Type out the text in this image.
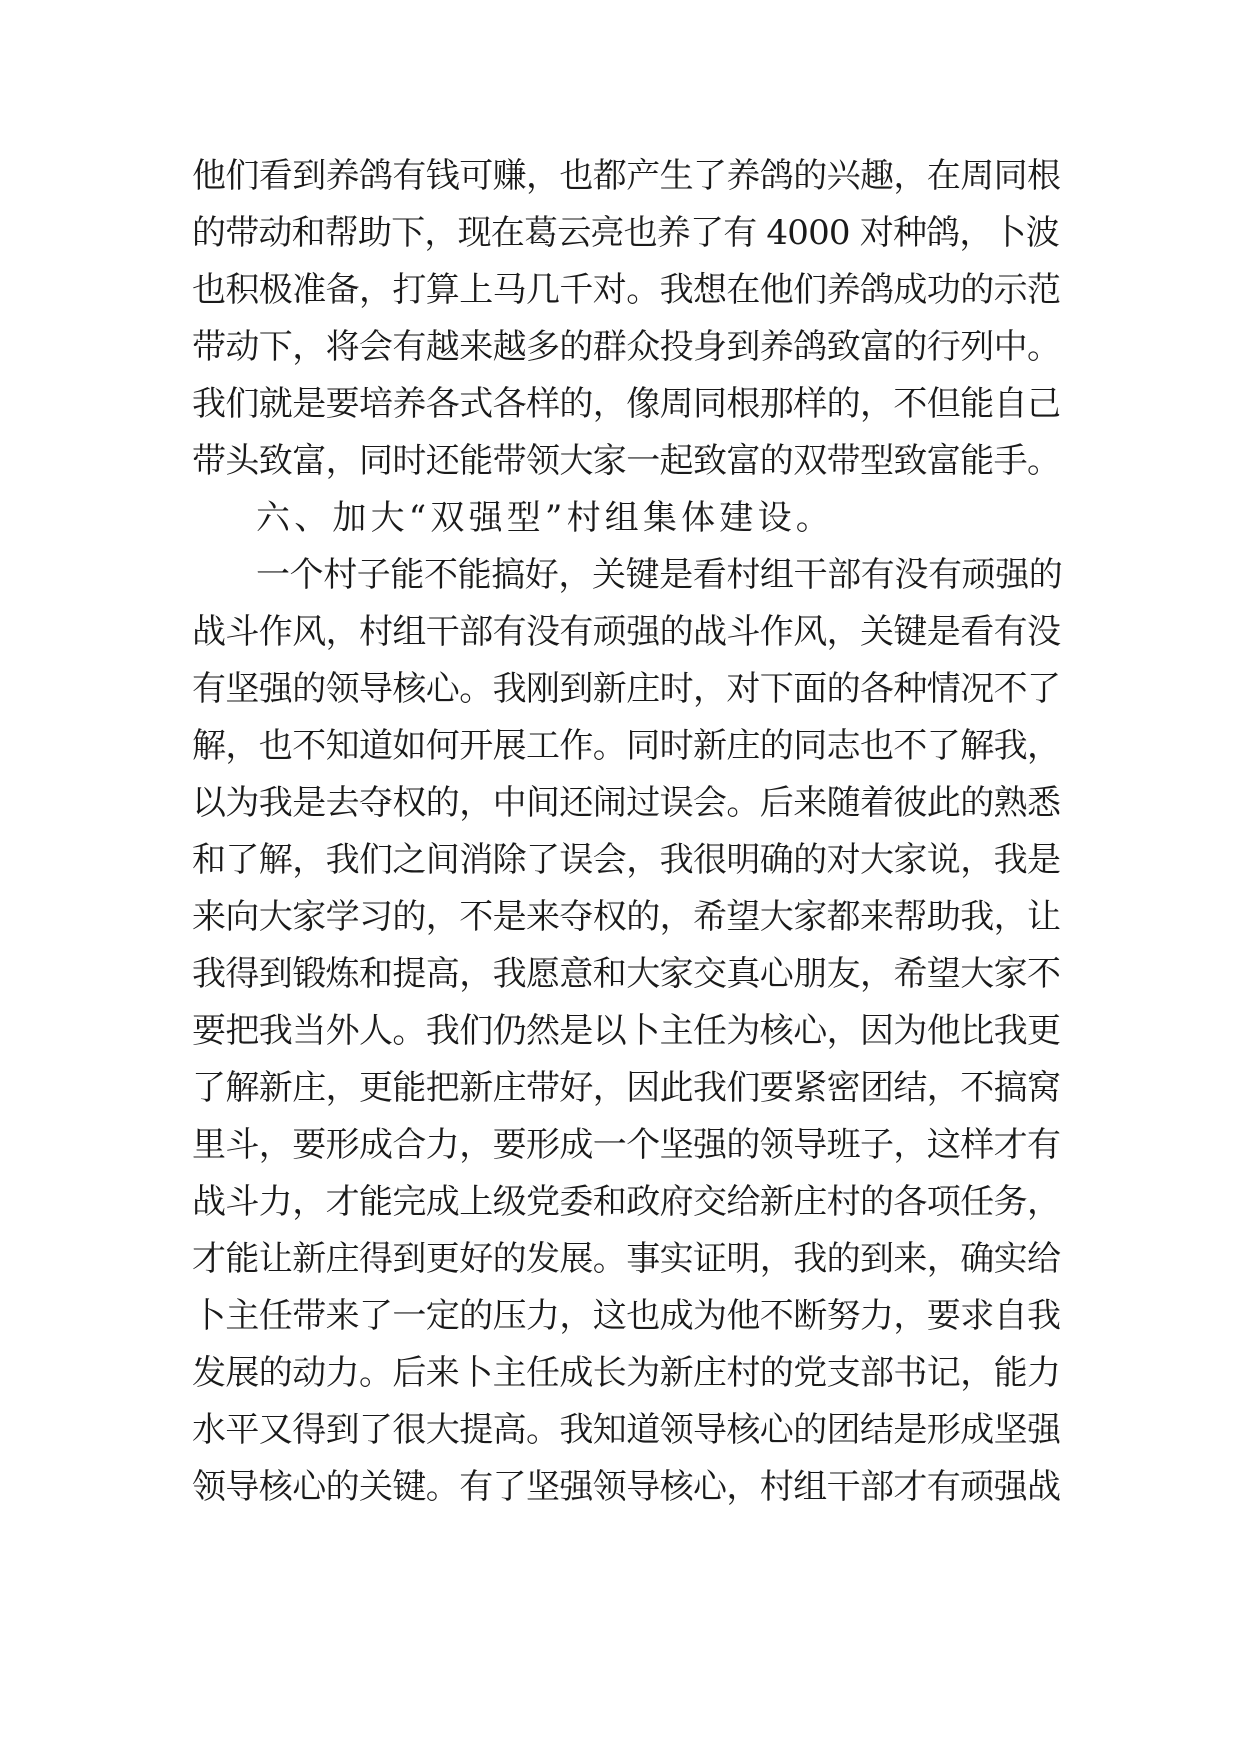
他们看到养鸽有钱可赚，也都产生了养鸽的兴趣，在周同根
的带动和帮助下，现在葛云亮也养了有 4000 对种鸽，卜波
也积极准备，打算上马几千对。我想在他们养鸽成功的示范
带动下，将会有越来越多的群众投身到养鸽致富的行列中。
我们就是要培养各式各样的，像周同根那样的，不但能自己
带头致富，同时还能带领大家一起致富的双带型致富能手。
六、加大“双强型”村组集体建设。
一个村子能不能搞好，关键是看村组干部有没有顽强的
战斗作风，村组干部有没有顽强的战斗作风，关键是看有没
有坚强的领导核心。我刚到新庄时，对下面的各种情况不了
解，也不知道如何开展工作。同时新庄的同志也不了解我，
以为我是去夺权的，中间还闹过误会。后来随着彼此的熟悉
和了解，我们之间消除了误会，我很明确的对大家说，我是
来向大家学习的，不是来夺权的，希望大家都来帮助我，让
我得到锻炼和提高，我愿意和大家交真心朋友，希望大家不
要把我当外人。我们仍然是以卜主任为核心，因为他比我更
了解新庄，更能把新庄带好，因此我们要紧密团结，不搞窝
里斗，要形成合力，要形成一个坚强的领导班子，这样才有
战斗力，才能完成上级党委和政府交给新庄村的各项任务，
才能让新庄得到更好的发展。事实证明，我的到来，确实给
卜主任带来了一定的压力，这也成为他不断努力，要求自我
发展的动力。后来卜主任成长为新庄村的党支部书记，能力
水平又得到了很大提高。我知道领导核心的团结是形成坚强
领导核心的关键。有了坚强领导核心，村组干部才有顽强战
